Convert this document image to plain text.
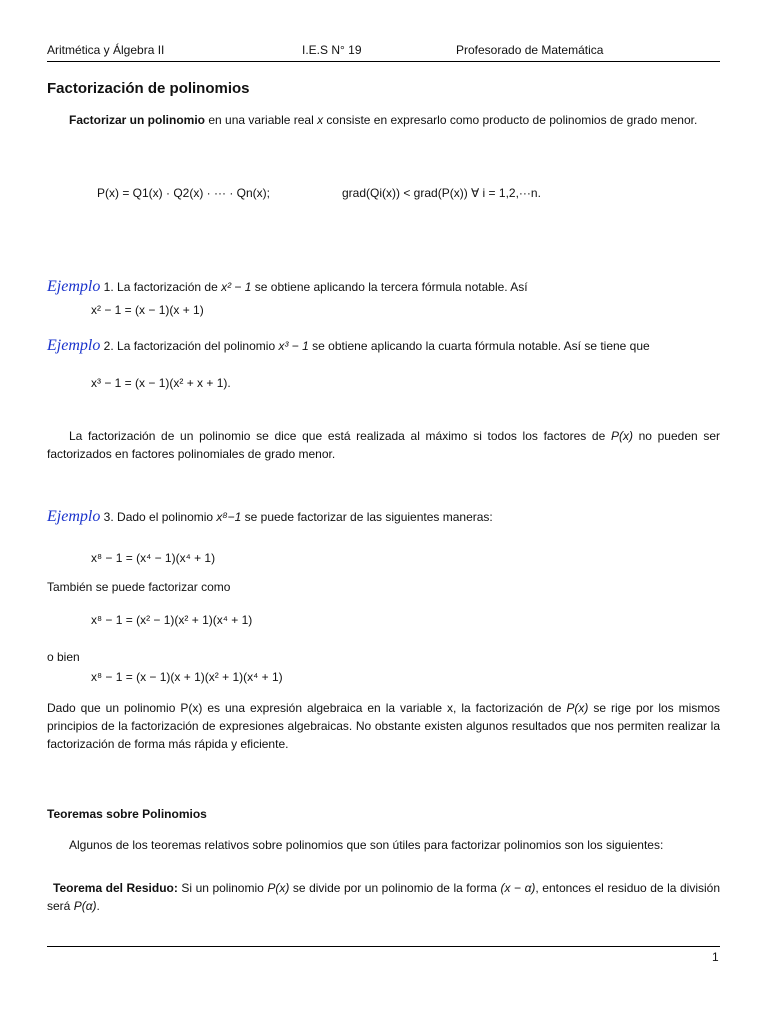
Aritmética y Álgebra II	I.E.S N° 19	Profesorado de Matemática
Factorización de polinomios
Factorizar un polinomio en una variable real x consiste en expresarlo como producto de polinomios de grado menor.
P(x) = Q1(x) · Q2(x) · ··· · Qn(x);	grad(Qi(x)) < grad(P(x)) ∀ i = 1,2,···n.
Ejemplo 1. La factorización de x² − 1 se obtiene aplicando la tercera fórmula notable. Así
x² − 1 = (x − 1)(x + 1)
Ejemplo 2. La factorización del polinomio x³ − 1 se obtiene aplicando la cuarta fórmula notable. Así se tiene que
x³ − 1 = (x − 1)(x² + x + 1).
La factorización de un polinomio se dice que está realizada al máximo si todos los factores de P(x) no pueden ser factorizados en factores polinomiales de grado menor.
Ejemplo 3. Dado el polinomio x⁸−1 se puede factorizar de las siguientes maneras:
x⁸ − 1 = (x⁴ − 1)(x⁴ + 1)
También se puede factorizar como
x⁸ − 1 = (x² − 1)(x² + 1)(x⁴ + 1)
o bien
x⁸ − 1 = (x − 1)(x + 1)(x² + 1)(x⁴ + 1)
Dado que un polinomio P(x) es una expresión algebraica en la variable x, la factorización de P(x) se rige por los mismos principios de la factorización de expresiones algebraicas. No obstante existen algunos resultados que nos permiten realizar la factorización de forma más rápida y eficiente.
Teoremas sobre Polinomios
Algunos de los teoremas relativos sobre polinomios que son útiles para factorizar polinomios son los siguientes:
Teorema del Residuo: Si un polinomio P(x) se divide por un polinomio de la forma (x − α), entonces el residuo de la división será P(α).
1
